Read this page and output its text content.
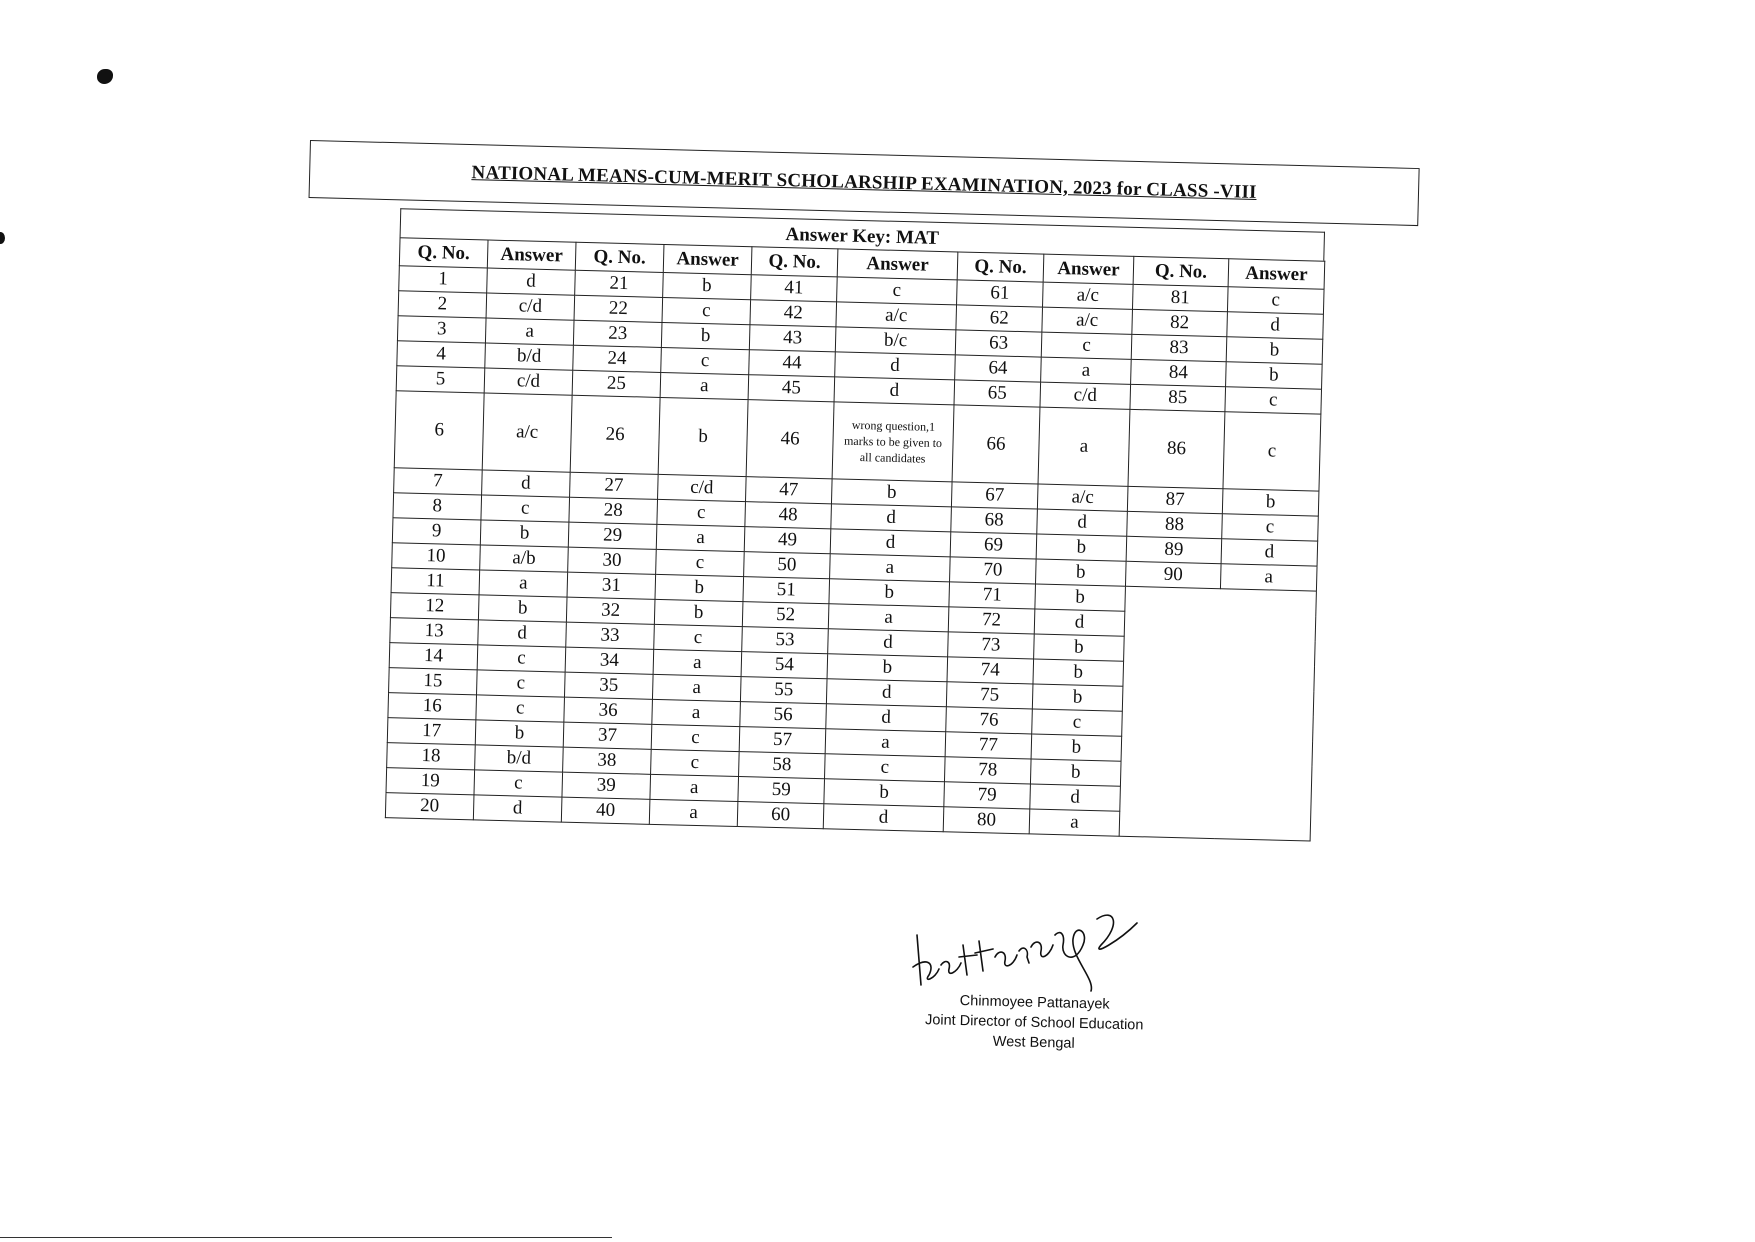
NATIONAL MEANS-CUM-MERIT SCHOLARSHIP EXAMINATION, 2023 for CLASS -VIII
Answer Key: MAT
Q. No.	Answer	Q. No.	Answer	Q. No.	Answer	Q. No.	Answer	Q. No.	Answer
1	d	21	b	41	c	61	a/c	81	c
2	c/d	22	c	42	a/c	62	a/c	82	d
3	a	23	b	43	b/c	63	c	83	b
4	b/d	24	c	44	d	64	a	84	b
5	c/d	25	a	45	d	65	c/d	85	c
6	a/c	26	b	46	wrong question,1 marks to be given to all candidates	66	a	86	c
7	d	27	c/d	47	b	67	a/c	87	b
8	c	28	c	48	d	68	d	88	c
9	b	29	a	49	d	69	b	89	d
10	a/b	30	c	50	a	70	b	90	a
11	a	31	b	51	b	71	b		
12	b	32	b	52	a	72	d		
13	d	33	c	53	d	73	b		
14	c	34	a	54	b	74	b		
15	c	35	a	55	d	75	b		
16	c	36	a	56	d	76	c		
17	b	37	c	57	a	77	b		
18	b/d	38	c	58	c	78	b		
19	c	39	a	59	b	79	d		
20	d	40	a	60	d	80	a		
Chinmoyee Pattanayek
Joint Director of School Education
West Bengal
